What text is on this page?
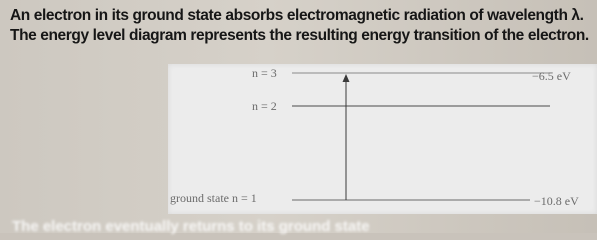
An electron in its ground state absorbs electromagnetic radiation of wavelength λ.

The energy level diagram represents the resulting energy transition of the electron.

n = 3	−6.5 eV
n = 2
ground state n = 1	−10.8 eV
The electron eventually returns to its ground state
